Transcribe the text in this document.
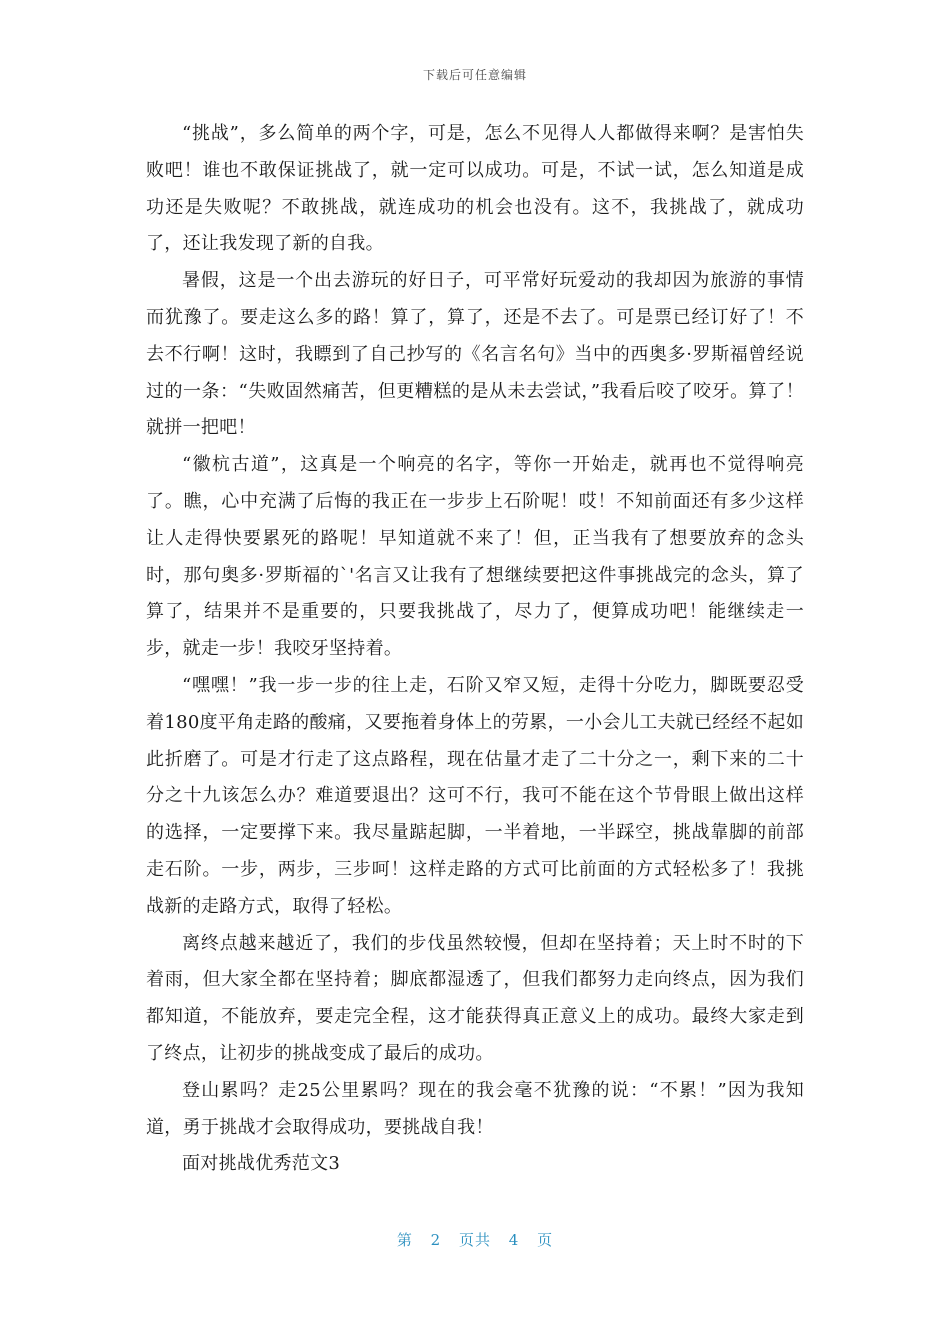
下载后可任意编辑

“挑战”，多么简单的两个字，可是，怎么不见得人人都做得来啊？是害怕失败吧！谁也不敢保证挑战了，就一定可以成功。可是，不试一试，怎么知道是成功还是失败呢？不敢挑战，就连成功的机会也没有。这不，我挑战了，就成功了，还让我发现了新的自我。

暑假，这是一个出去游玩的好日子，可平常好玩爱动的我却因为旅游的事情而犹豫了。要走这么多的路！算了，算了，还是不去了。可是票已经订好了！不去不行啊！这时，我瞟到了自己抄写的《名言名句》当中的西奥多·罗斯福曾经说过的一条：“失败固然痛苦，但更糟糕的是从未去尝试，”我看后咬了咬牙。算了！就拼一把吧！

“徽杭古道”，这真是一个响亮的名字，等你一开始走，就再也不觉得响亮了。瞧，心中充满了后悔的我正在一步步上石阶呢！哎！不知前面还有多少这样让人走得快要累死的路呢！早知道就不来了！但，正当我有了想要放弃的念头时，那句奥多·罗斯福的`'名言又让我有了想继续要把这件事挑战完的念头，算了算了，结果并不是重要的，只要我挑战了，尽力了，便算成功吧！能继续走一步，就走一步！我咬牙坚持着。

“嘿嘿！”我一步一步的往上走，石阶又窄又短，走得十分吃力，脚既要忍受着180度平角走路的酸痛，又要拖着身体上的劳累，一小会儿工夫就已经经不起如此折磨了。可是才行走了这点路程，现在估量才走了二十分之一，剩下来的二十分之十九该怎么办？难道要退出？这可不行，我可不能在这个节骨眼上做出这样的选择，一定要撑下来。我尽量踮起脚，一半着地，一半踩空，挑战靠脚的前部走石阶。一步，两步，三步呵！这样走路的方式可比前面的方式轻松多了！我挑战新的走路方式，取得了轻松。

离终点越来越近了，我们的步伐虽然较慢，但却在坚持着；天上时不时的下着雨，但大家全都在坚持着；脚底都湿透了，但我们都努力走向终点，因为我们都知道，不能放弃，要走完全程，这才能获得真正意义上的成功。最终大家走到了终点，让初步的挑战变成了最后的成功。

登山累吗？走25公里累吗？现在的我会毫不犹豫的说：“不累！”因为我知道，勇于挑战才会取得成功，要挑战自我！

面对挑战优秀范文3

第 2 页共 4 页
